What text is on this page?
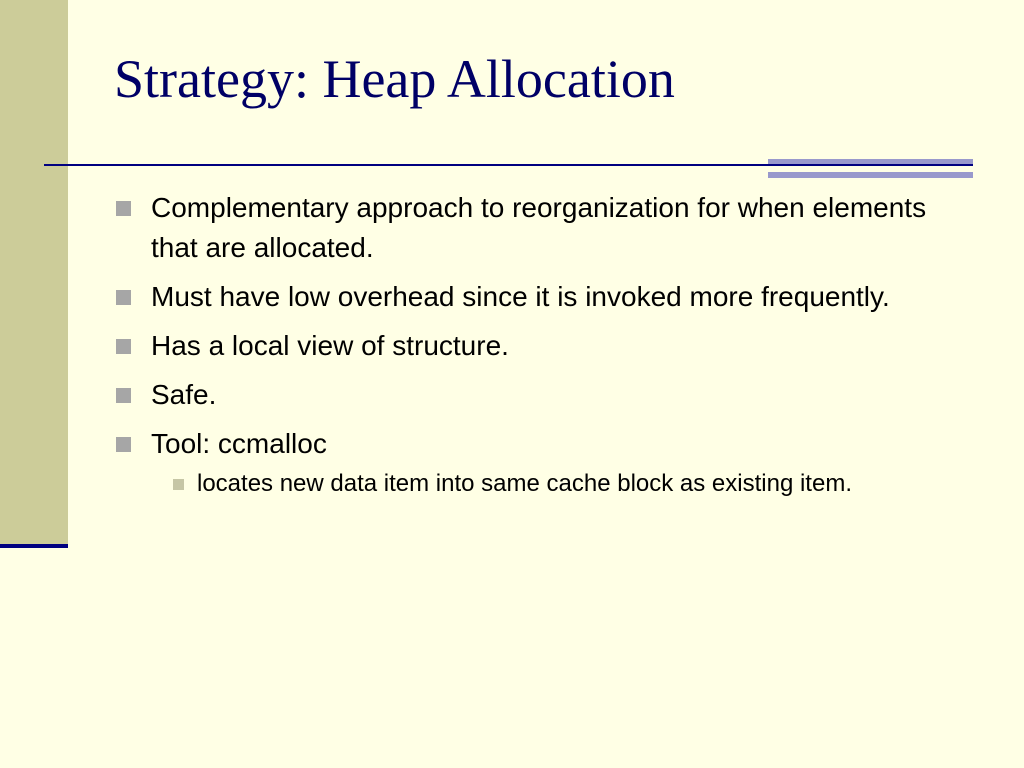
Strategy: Heap Allocation
Complementary approach to reorganization for when elements that are allocated.
Must have low overhead since it is invoked more frequently.
Has a local view of structure.
Safe.
Tool: ccmalloc
locates new data item into same cache block as existing item.
